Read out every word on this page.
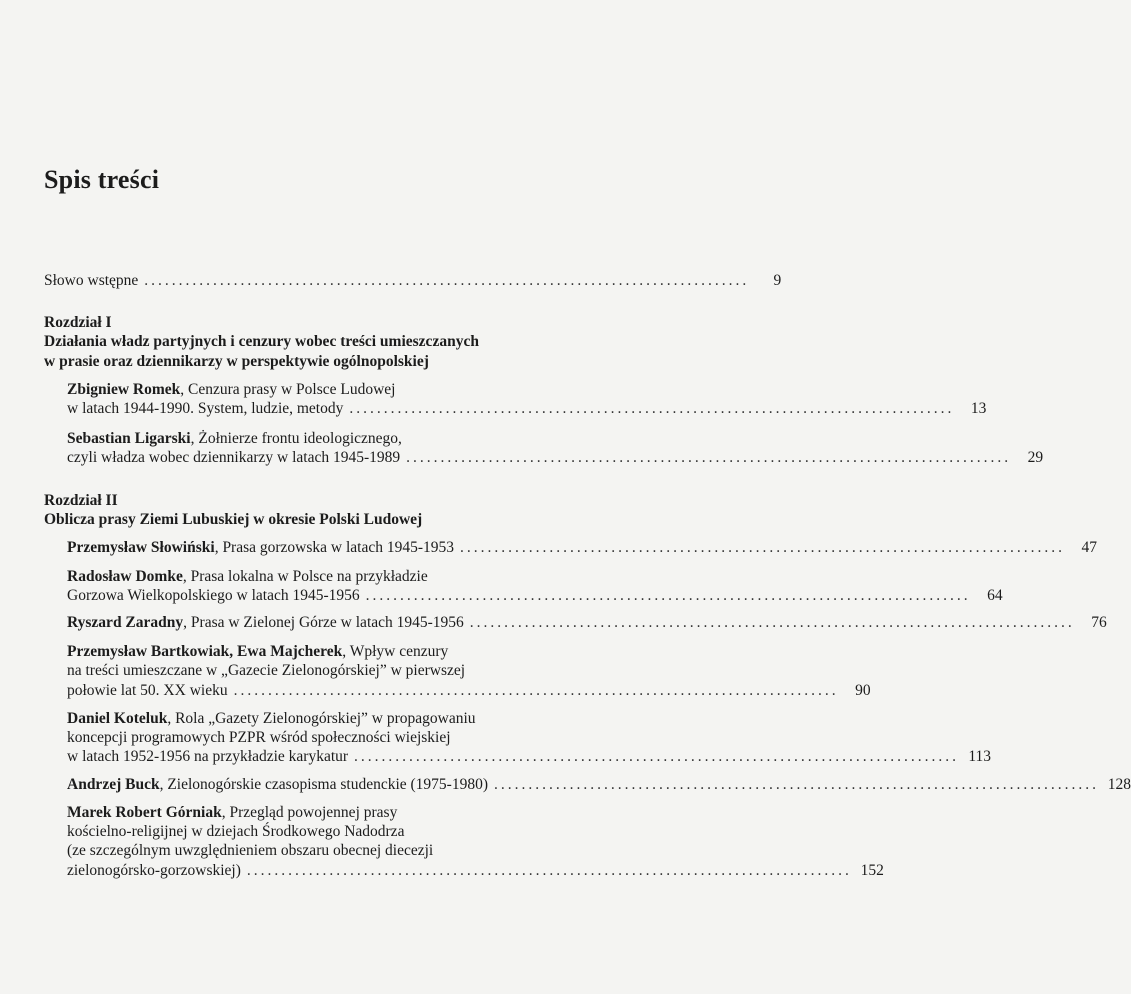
Spis treści
Słowo wstępne ........................................................................................	9
Rozdział I
Działania władz partyjnych i cenzury wobec treści umieszczanych
w prasie oraz dziennikarzy w perspektywie ogólnopolskiej
Zbigniew Romek, Cenzura prasy w Polsce Ludowej
w latach 1944-1990. System, ludzie, metody ........................................................................................	13
Sebastian Ligarski, Żołnierze frontu ideologicznego,
czyli władza wobec dziennikarzy w latach 1945-1989 ........................................................................................	29
Rozdział II
Oblicza prasy Ziemi Lubuskiej w okresie Polski Ludowej
Przemysław Słowiński, Prasa gorzowska w latach 1945-1953 ........................................................................................	47
Radosław Domke, Prasa lokalna w Polsce na przykładzie
Gorzowa Wielkopolskiego w latach 1945-1956 ........................................................................................	64
Ryszard Zaradny, Prasa w Zielonej Górze w latach 1945-1956 ........................................................................................	76
Przemysław Bartkowiak, Ewa Majcherek, Wpływ cenzury
na treści umieszczane w „Gazecie Zielonogórskiej” w pierwszej
połowie lat 50. XX wieku ........................................................................................	90
Daniel Koteluk, Rola „Gazety Zielonogórskiej” w propagowaniu
koncepcji programowych PZPR wśród społeczności wiejskiej
w latach 1952-1956 na przykładzie karykatur ........................................................................................ 113
Andrzej Buck, Zielonogórskie czasopisma studenckie (1975-1980) ........................................................................................ 128
Marek Robert Górniak, Przegląd powojennej prasy
kościelno-religijnej w dziejach Środkowego Nadodrza
(ze szczególnym uwzględnieniem obszaru obecnej diecezji
zielonogórsko-gorzowskiej) ........................................................................................ 152
